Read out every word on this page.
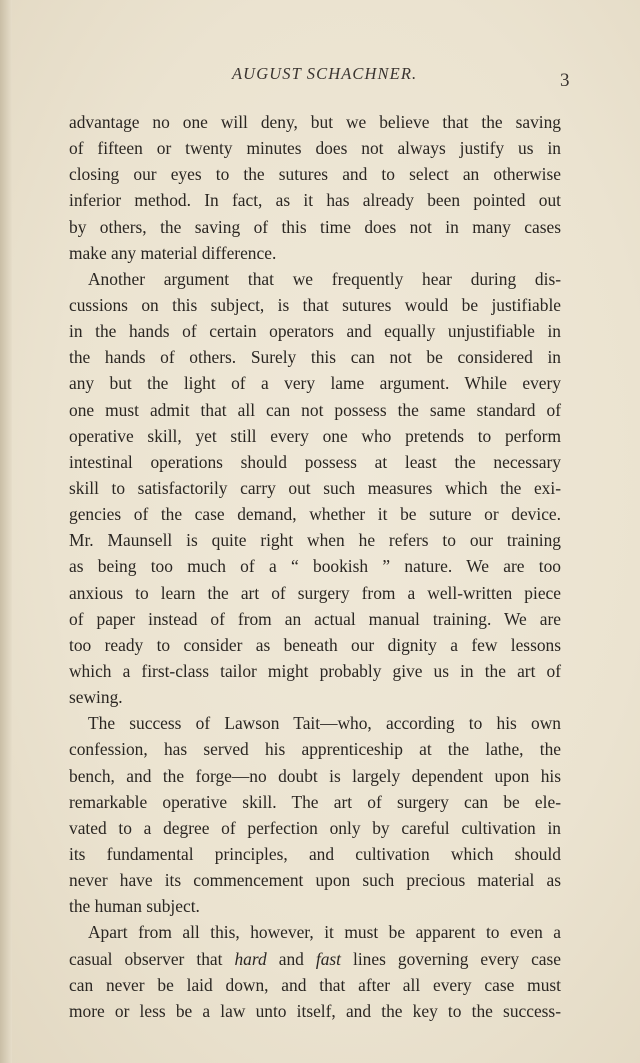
AUGUST SCHACHNER.	3
advantage no one will deny, but we believe that the saving
of fifteen or twenty minutes does not always justify us in
closing our eyes to the sutures and to select an otherwise
inferior method. In fact, as it has already been pointed out
by others, the saving of this time does not in many cases
make any material difference.
Another argument that we frequently hear during dis-
cussions on this subject, is that sutures would be justifiable
in the hands of certain operators and equally unjustifiable in
the hands of others. Surely this can not be considered in
any but the light of a very lame argument. While every
one must admit that all can not possess the same standard of
operative skill, yet still every one who pretends to perform
intestinal operations should possess at least the necessary
skill to satisfactorily carry out such measures which the exi-
gencies of the case demand, whether it be suture or device.
Mr. Maunsell is quite right when he refers to our training
as being too much of a “ bookish ” nature. We are too
anxious to learn the art of surgery from a well-written piece
of paper instead of from an actual manual training. We are
too ready to consider as beneath our dignity a few lessons
which a first-class tailor might probably give us in the art of
sewing.
The success of Lawson Tait—who, according to his own
confession, has served his apprenticeship at the lathe, the
bench, and the forge—no doubt is largely dependent upon his
remarkable operative skill. The art of surgery can be ele-
vated to a degree of perfection only by careful cultivation in
its fundamental principles, and cultivation which should
never have its commencement upon such precious material as
the human subject.
Apart from all this, however, it must be apparent to even a
casual observer that hard and fast lines governing every case
can never be laid down, and that after all every case must
more or less be a law unto itself, and the key to the success-
